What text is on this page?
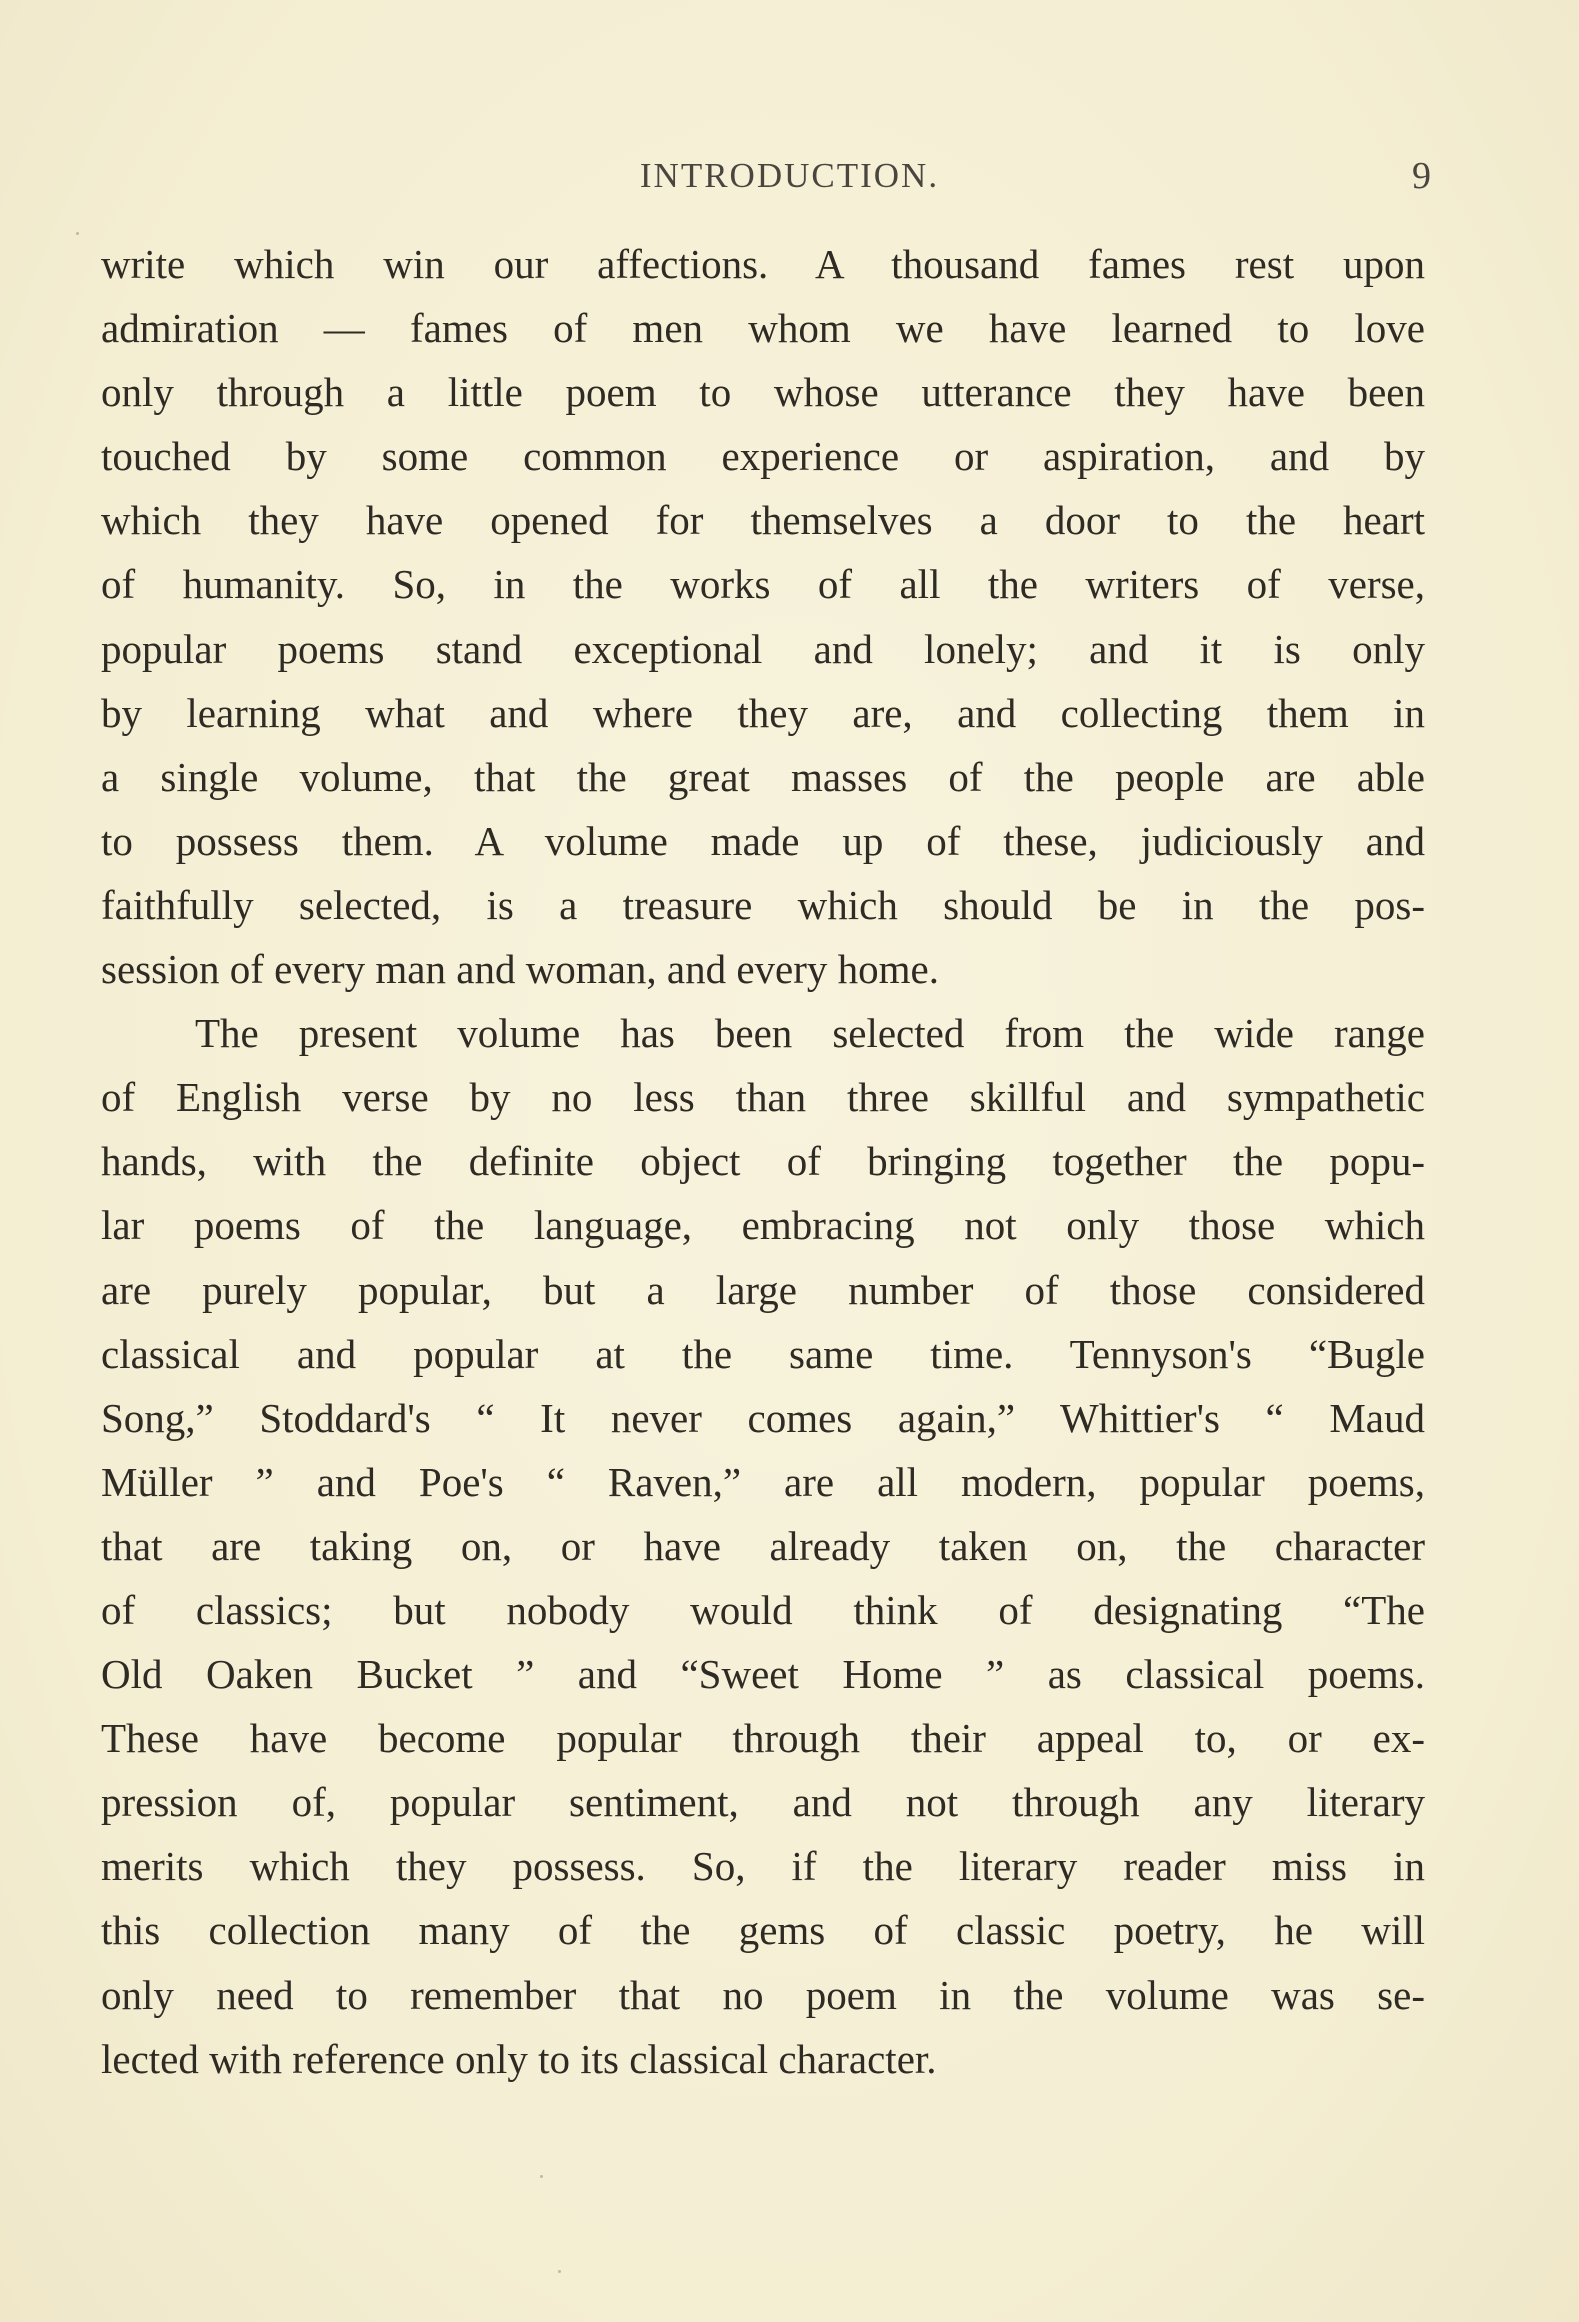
INTRODUCTION.	9
write which win our affections. A thousand fames rest upon
admiration — fames of men whom we have learned to love
only through a little poem to whose utterance they have been
touched by some common experience or aspiration, and by
which they have opened for themselves a door to the heart
of humanity. So, in the works of all the writers of verse,
popular poems stand exceptional and lonely; and it is only
by learning what and where they are, and collecting them in
a single volume, that the great masses of the people are able
to possess them. A volume made up of these, judiciously and
faithfully selected, is a treasure which should be in the pos-
session of every man and woman, and every home.
The present volume has been selected from the wide range
of English verse by no less than three skillful and sympathetic
hands, with the definite object of bringing together the popu-
lar poems of the language, embracing not only those which
are purely popular, but a large number of those considered
classical and popular at the same time. Tennyson's “Bugle
Song,” Stoddard's “ It never comes again,” Whittier's “ Maud
Müller ” and Poe's “ Raven,” are all modern, popular poems,
that are taking on, or have already taken on, the character
of classics; but nobody would think of designating “The
Old Oaken Bucket ” and “Sweet Home ” as classical poems.
These have become popular through their appeal to, or ex-
pression of, popular sentiment, and not through any literary
merits which they possess. So, if the literary reader miss in
this collection many of the gems of classic poetry, he will
only need to remember that no poem in the volume was se-
lected with reference only to its classical character.
